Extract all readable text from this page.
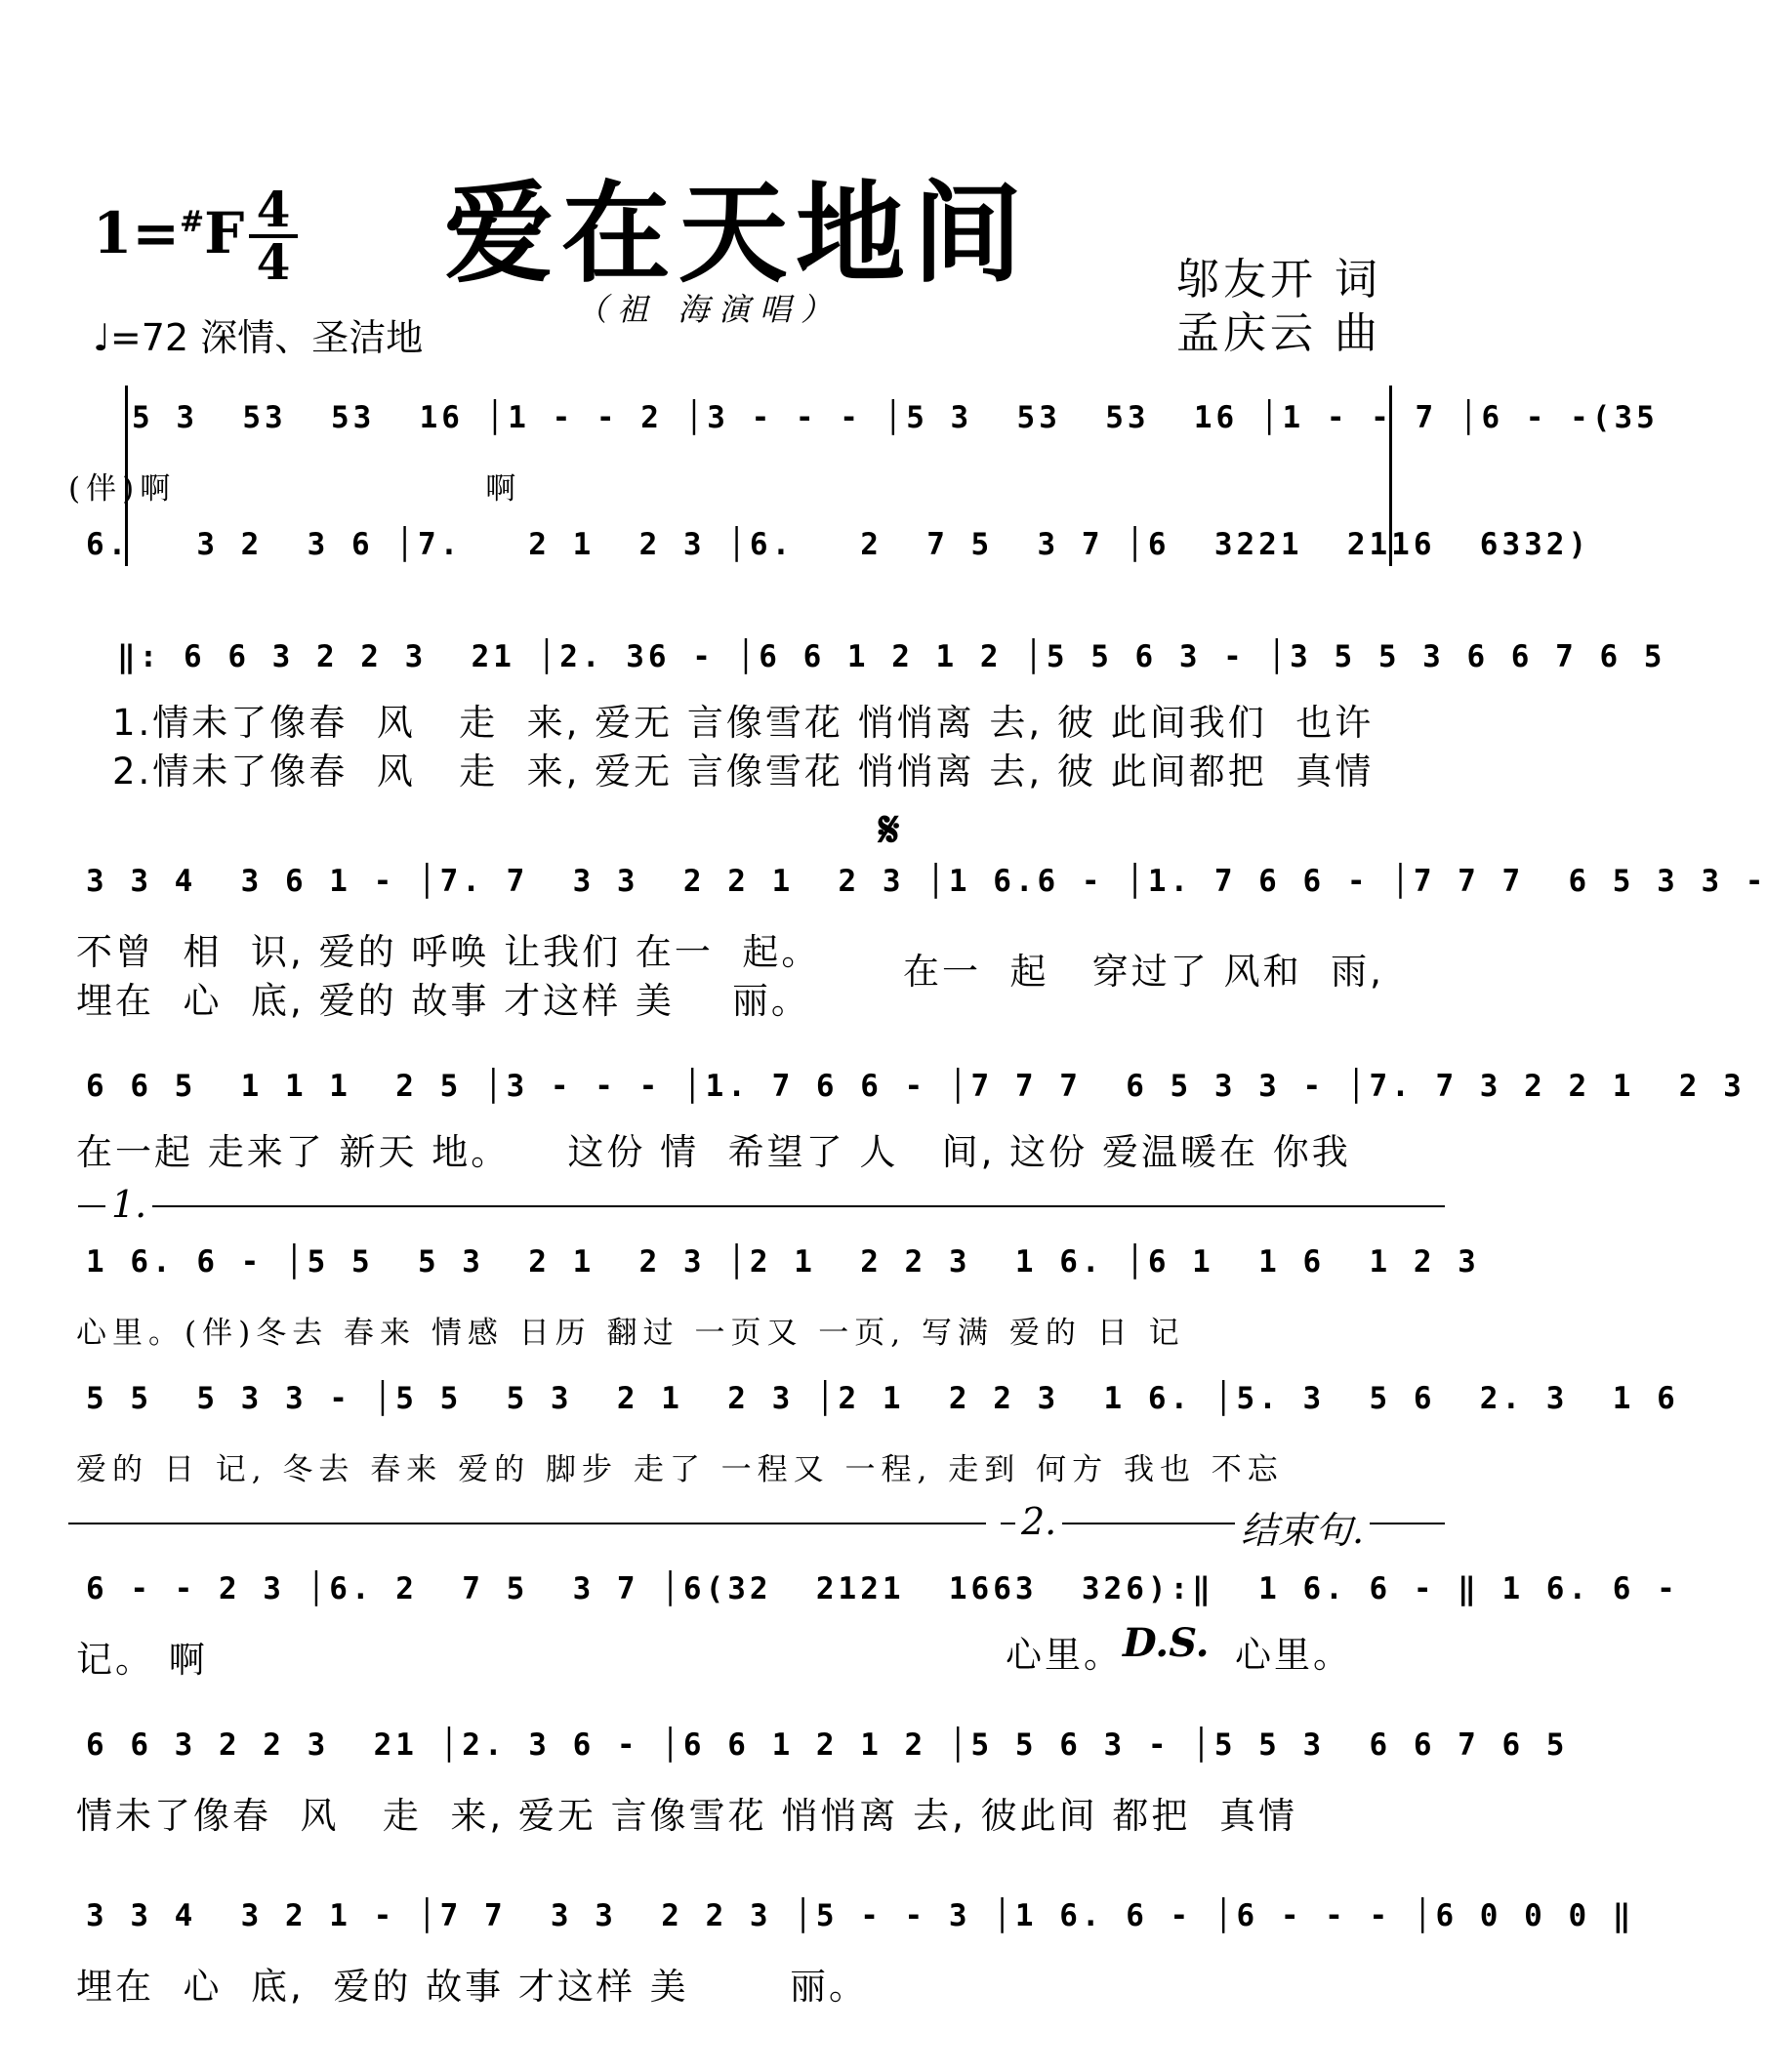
1=#F 4
4
♩=72 深情、圣洁地
爱在天地间
（祖 海演唱）
邬友开 词
孟庆云 曲
5 3  53  53  16 │1 - - 2 │3 - - - │5 3  53  53  16 │1 - - 7 │6 - -(35
(伴)啊                    啊
6.   3 2  3 6 │7.   2 1  2 3 │6.   2  7 5  3 7 │6  3221  2116  6332)
‖: 6 6 3 2 2 3  21 │2. 36 - │6 6 1 2 1 2 │5 5 6 3 - │3 5 5 3 6 6 7 6 5
1.情未了像春  风   走  来, 爱无 言像雪花 悄悄离 去, 彼 此间我们  也许
2.情未了像春  风   走  来, 爱无 言像雪花 悄悄离 去, 彼 此间都把  真情
𝄋
3 3 4  3 6 1 - │7. 7  3 3  2 2 1  2 3 │1 6.6 - │1. 7 6 6 - │7 7 7  6 5 3 3 -
不曾  相  识, 爱的 呼唤 让我们 在一  起。
埋在  心  底, 爱的 故事 才这样 美    丽。
在一  起   穿过了 风和  雨,
6 6 5  1 1 1  2 5 │3 - - - │1. 7 6 6 - │7 7 7  6 5 3 3 - │7. 7 3 2 2 1  2 3
在一起 走来了 新天 地。    这份 情  希望了 人   间, 这份 爱温暖在 你我
1.
1 6. 6 - │5 5  5 3  2 1  2 3 │2 1  2 2 3  1 6. │6 1  1 6  1 2 3
心里。(伴)冬去 春来 情感 日历 翻过 一页又 一页, 写满 爱的 日 记
5 5  5 3 3 - │5 5  5 3  2 1  2 3 │2 1  2 2 3  1 6. │5. 3  5 6  2. 3  1 6
爱的 日 记, 冬去 春来 爱的 脚步 走了 一程又 一程, 走到 何方 我也 不忘
2.	结束句.
6 - - 2 3 │6. 2  7 5  3 7 │6(32  2121  1663  326):‖  1 6. 6 - ‖ 1 6. 6 -
记。 啊	心里。 D.S. 心里。
6 6 3 2 2 3  21 │2. 3 6 - │6 6 1 2 1 2 │5 5 6 3 - │5 5 3  6 6 7 6 5
情未了像春  风   走  来, 爱无 言像雪花 悄悄离 去, 彼此间 都把  真情
3 3 4  3 2 1 - │7 7  3 3  2 2 3 │5 - - 3 │1 6. 6 - │6 - - - │6 0 0 0 ‖
埋在  心  底,  爱的 故事 才这样 美       丽。
